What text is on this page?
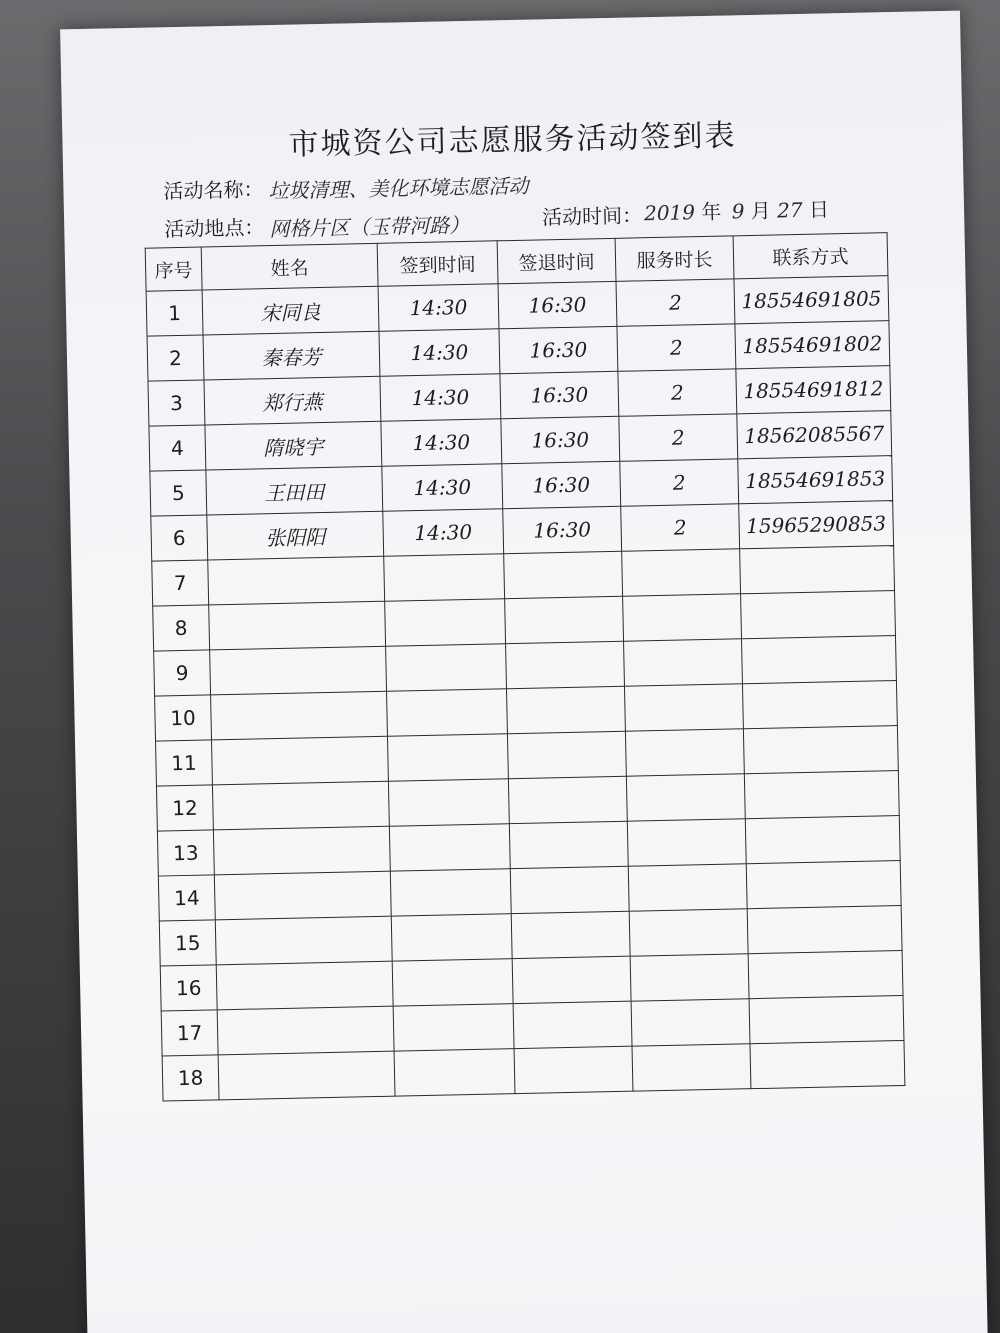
市城资公司志愿服务活动签到表
活动名称： 垃圾清理、美化环境志愿活动
活动地点： 网格片区（玉带河路）	活动时间： 2019 年 9 月 27 日
序号	姓名	签到时间	签退时间	服务时长	联系方式
1	宋同良	14:30	16:30	2	18554691805
2	秦春芳	14:30	16:30	2	18554691802
3	郑行燕	14:30	16:30	2	18554691812
4	隋晓宇	14:30	16:30	2	18562085567
5	王田田	14:30	16:30	2	18554691853
6	张阳阳	14:30	16:30	2	15965290853
7					
8					
9					
10					
11					
12					
13					
14					
15					
16					
17					
18					
